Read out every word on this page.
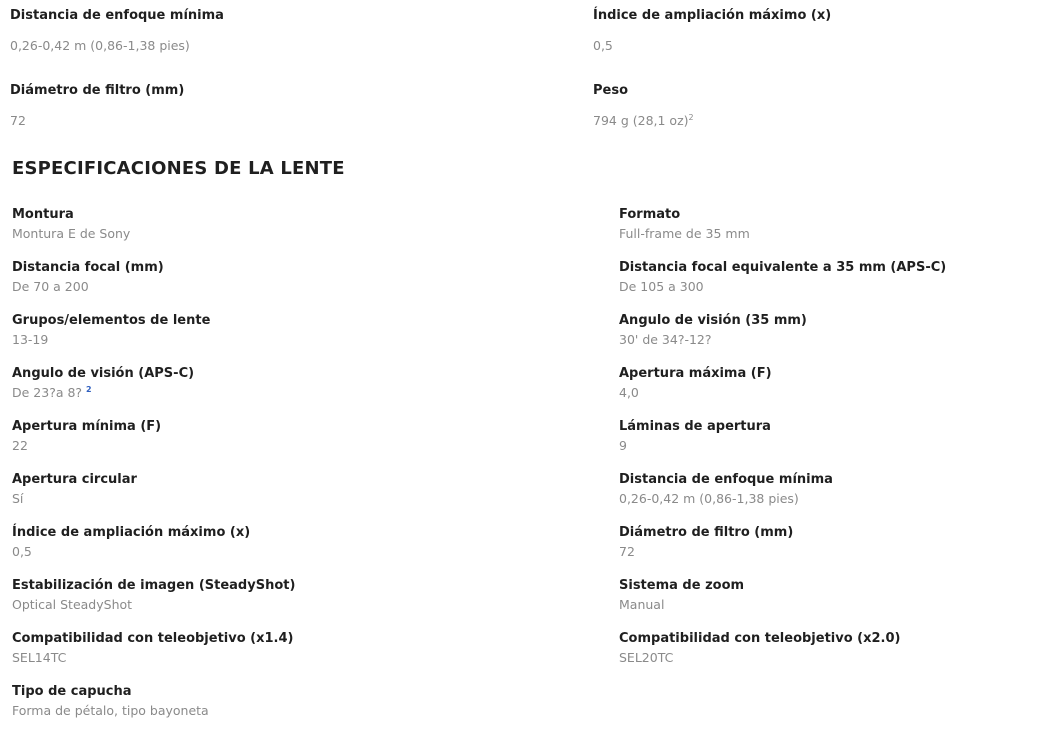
Distancia de enfoque mínima
0,26-0,42 m (0,86-1,38 pies)
Índice de ampliación máximo (x)
0,5
Diámetro de filtro (mm)
72
Peso
794 g (28,1 oz)$^2$
ESPECIFICACIONES DE LA LENTE
Montura
Montura E de Sony
Formato
Full-frame de 35 mm
Distancia focal (mm)
De 70 a 200
Distancia focal equivalente a 35 mm (APS-C)
De 105 a 300
Grupos/elementos de lente
13-19
Angulo de visión (35 mm)
30' de 34?-12?
Angulo de visión (APS-C)
De 23?a 8? $^2$
Apertura máxima (F)
4,0
Apertura mínima (F)
22
Láminas de apertura
9
Apertura circular
Sí
Distancia de enfoque mínima
0,26-0,42 m (0,86-1,38 pies)
Índice de ampliación máximo (x)
0,5
Diámetro de filtro (mm)
72
Estabilización de imagen (SteadyShot)
Optical SteadyShot
Sistema de zoom
Manual
Compatibilidad con teleobjetivo (x1.4)
SEL14TC
Compatibilidad con teleobjetivo (x2.0)
SEL20TC
Tipo de capucha
Forma de pétalo, tipo bayoneta
